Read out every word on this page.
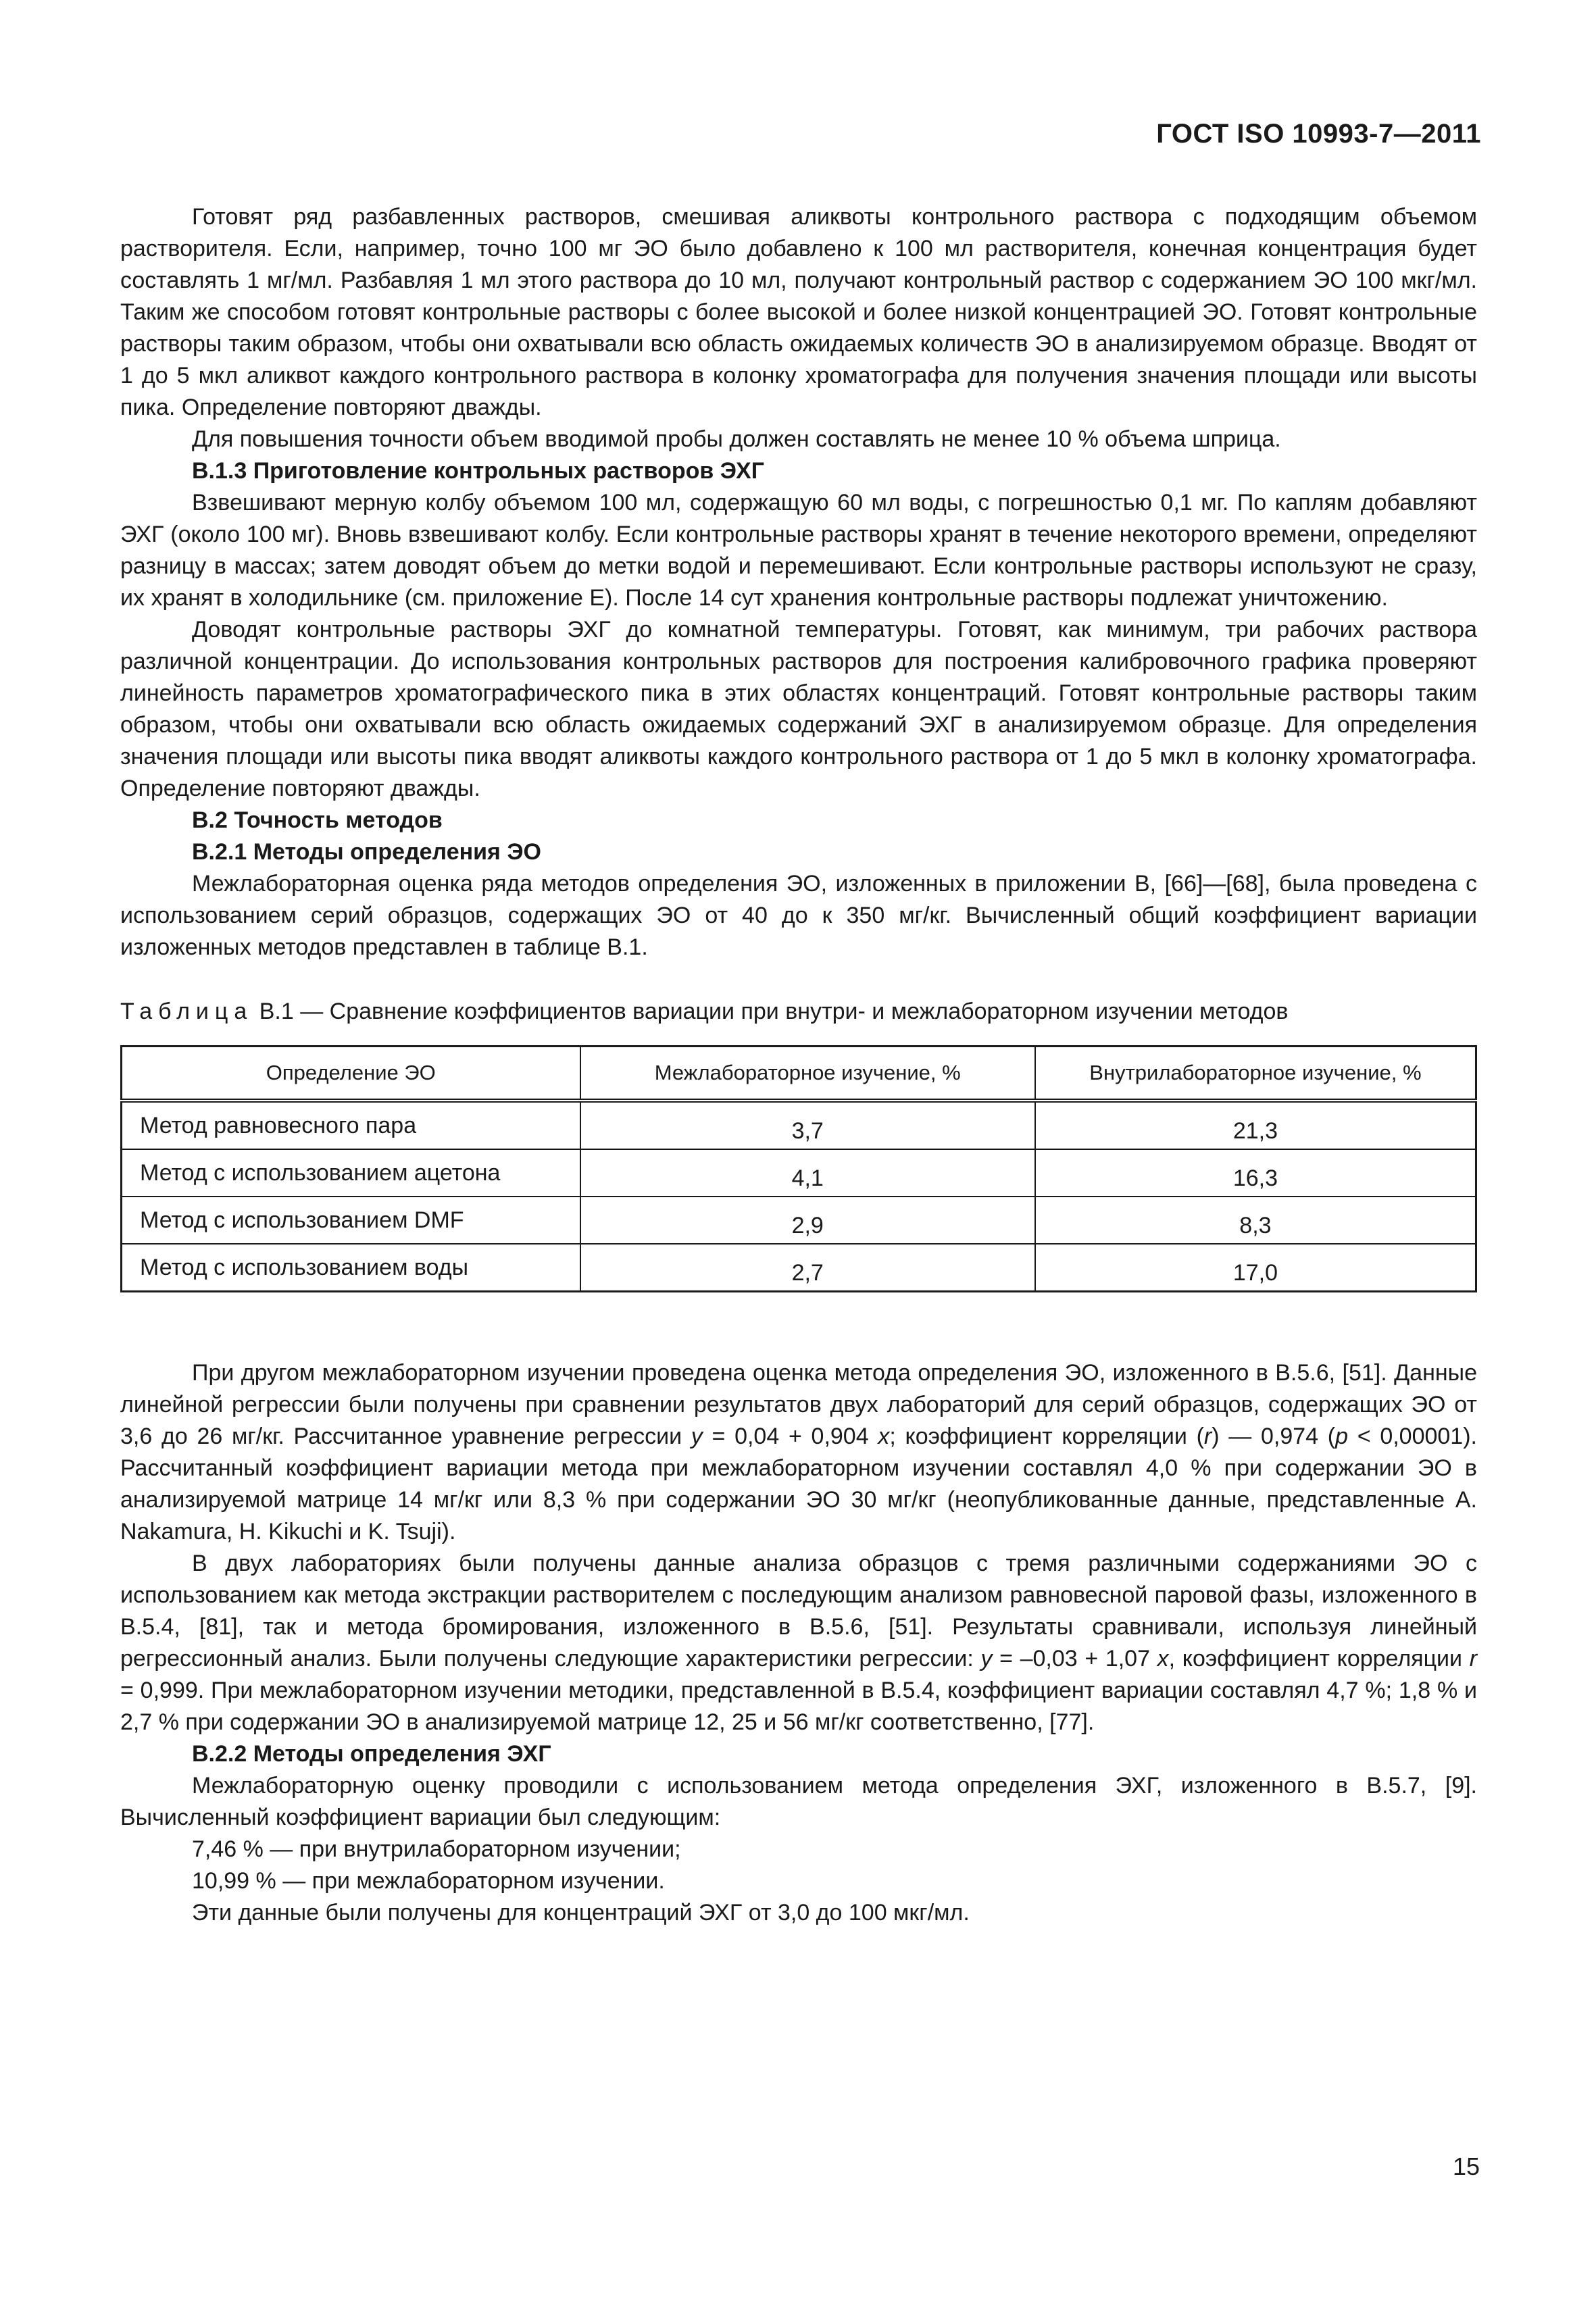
ГОСТ ISO 10993-7—2011

Готовят ряд разбавленных растворов, смешивая аликвоты контрольного раствора с подходящим объемом растворителя. Если, например, точно 100 мг ЭО было добавлено к 100 мл растворителя, конечная концентрация будет составлять 1 мг/мл. Разбавляя 1 мл этого раствора до 10 мл, получают контрольный раствор с содержанием ЭО 100 мкг/мл. Таким же способом готовят контрольные растворы с более высокой и более низкой концентрацией ЭО. Готовят контрольные растворы таким образом, чтобы они охватывали всю область ожидаемых количеств ЭО в анализируемом образце. Вводят от 1 до 5 мкл аликвот каждого контрольного раствора в колонку хроматографа для получения значения площади или высоты пика. Определение повторяют дважды.

Для повышения точности объем вводимой пробы должен составлять не менее 10 % объема шприца.

В.1.3 Приготовление контрольных растворов ЭХГ

Взвешивают мерную колбу объемом 100 мл, содержащую 60 мл воды, с погрешностью 0,1 мг. По каплям добавляют ЭХГ (около 100 мг). Вновь взвешивают колбу. Если контрольные растворы хранят в течение некоторого времени, определяют разницу в массах; затем доводят объем до метки водой и перемешивают. Если контрольные растворы используют не сразу, их хранят в холодильнике (см. приложение Е). После 14 сут хранения контрольные растворы подлежат уничтожению.

Доводят контрольные растворы ЭХГ до комнатной температуры. Готовят, как минимум, три рабочих раствора различной концентрации. До использования контрольных растворов для построения калибровочного графика проверяют линейность параметров хроматографического пика в этих областях концентраций. Готовят контрольные растворы таким образом, чтобы они охватывали всю область ожидаемых содержаний ЭХГ в анализируемом образце. Для определения значения площади или высоты пика вводят аликвоты каждого контрольного раствора от 1 до 5 мкл в колонку хроматографа. Определение повторяют дважды.

В.2 Точность методов

В.2.1 Методы определения ЭО

Межлабораторная оценка ряда методов определения ЭО, изложенных в приложении В, [66]—[68], была проведена с использованием серий образцов, содержащих ЭО от 40 до к 350 мг/кг. Вычисленный общий коэффициент вариации изложенных методов представлен в таблице В.1.

Таблица В.1 — Сравнение коэффициентов вариации при внутри- и межлабораторном изучении методов

Определение ЭО	Межлабораторное изучение, %	Внутрилабораторное изучение, %
Метод равновесного пара	3,7	21,3
Метод с использованием ацетона	4,1	16,3
Метод с использованием DMF	2,9	8,3
Метод с использованием воды	2,7	17,0

При другом межлабораторном изучении проведена оценка метода определения ЭО, изложенного в В.5.6, [51]. Данные линейной регрессии были получены при сравнении результатов двух лабораторий для серий образцов, содержащих ЭО от 3,6 до 26 мг/кг. Рассчитанное уравнение регрессии y = 0,04 + 0,904 x; коэффициент корреляции (r) — 0,974 (p < 0,00001). Рассчитанный коэффициент вариации метода при межлабораторном изучении составлял 4,0 % при содержании ЭО в анализируемой матрице 14 мг/кг или 8,3 % при содержании ЭО 30 мг/кг (неопубликованные данные, представленные A. Nakamura, H. Kikuchi и K. Tsuji).

В двух лабораториях были получены данные анализа образцов с тремя различными содержаниями ЭО с использованием как метода экстракции растворителем с последующим анализом равновесной паровой фазы, изложенного в В.5.4, [81], так и метода бромирования, изложенного в В.5.6, [51]. Результаты сравнивали, используя линейный регрессионный анализ. Были получены следующие характеристики регрессии: y = –0,03 + 1,07 x, коэффициент корреляции r = 0,999. При межлабораторном изучении методики, представленной в В.5.4, коэффициент вариации составлял 4,7 %; 1,8 % и 2,7 % при содержании ЭО в анализируемой матрице 12, 25 и 56 мг/кг соответственно, [77].

В.2.2 Методы определения ЭХГ

Межлабораторную оценку проводили с использованием метода определения ЭХГ, изложенного в В.5.7, [9]. Вычисленный коэффициент вариации был следующим:

7,46 % — при внутрилабораторном изучении;

10,99 % — при межлабораторном изучении.

Эти данные были получены для концентраций ЭХГ от 3,0 до 100 мкг/мл.

15
